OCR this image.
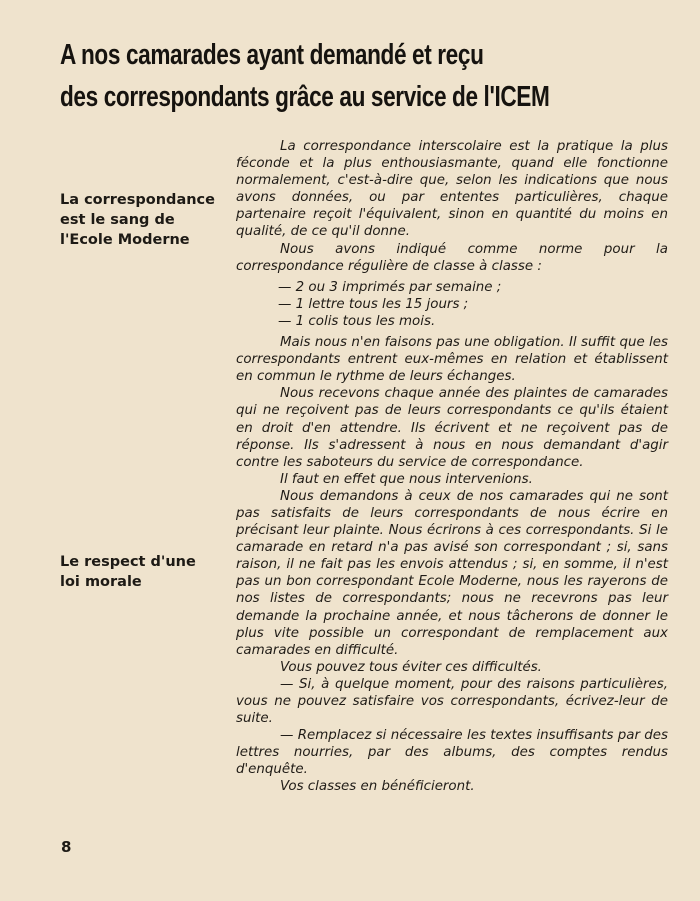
A nos camarades ayant demandé et reçu
des correspondants grâce au service de l'ICEM
La correspondance est le sang de l'Ecole Moderne
Le respect d'une loi morale

La correspondance interscolaire est la pratique la plus féconde et la plus enthousiasmante, quand elle fonctionne normalement, c'est-à-dire que, selon les indications que nous avons données, ou par ententes particulières, chaque partenaire reçoit l'équivalent, sinon en quantité du moins en qualité, de ce qu'il donne.

Nous avons indiqué comme norme pour la correspondance régulière de classe à classe :

— 2 ou 3 imprimés par semaine ;

— 1 lettre tous les 15 jours ;

— 1 colis tous les mois.

Mais nous n'en faisons pas une obligation. Il suffit que les correspondants entrent eux-mêmes en relation et établissent en commun le rythme de leurs échanges.

Nous recevons chaque année des plaintes de camarades qui ne reçoivent pas de leurs correspondants ce qu'ils étaient en droit d'en attendre. Ils écrivent et ne reçoivent pas de réponse. Ils s'adressent à nous en nous demandant d'agir contre les saboteurs du service de correspondance.

Il faut en effet que nous intervenions.

Nous demandons à ceux de nos camarades qui ne sont pas satisfaits de leurs correspondants de nous écrire en précisant leur plainte. Nous écrirons à ces correspondants. Si le camarade en retard n'a pas avisé son correspondant ; si, sans raison, il ne fait pas les envois attendus ; si, en somme, il n'est pas un bon correspondant Ecole Moderne, nous les rayerons de nos listes de correspondants; nous ne recevrons pas leur demande la prochaine année, et nous tâcherons de donner le plus vite possible un correspondant de remplacement aux camarades en difficulté.

Vous pouvez tous éviter ces difficultés.

— Si, à quelque moment, pour des raisons particulières, vous ne pouvez satisfaire vos correspondants, écrivez-leur de suite.

— Remplacez si nécessaire les textes insuffisants par des lettres nourries, par des albums, des comptes rendus d'enquête.

Vos classes en bénéficieront.

8
